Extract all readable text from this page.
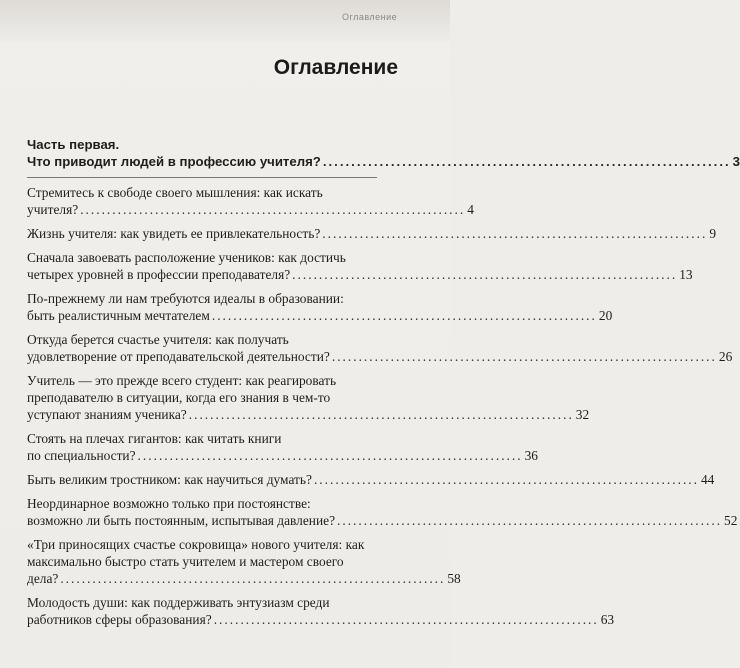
Оглавление
Оглавление
Часть первая.
Что приводит людей в профессию учителя? ........................................................................ 3
Стремитесь к свободе своего мышления: как искать
учителя? ........................................................................ 4
Жизнь учителя: как увидеть ее привлекательность? ........................................................................ 9
Сначала завоевать расположение учеников: как достичь
четырех уровней в профессии преподавателя? ........................................................................ 13
По-прежнему ли нам требуются идеалы в образовании:
быть реалистичным мечтателем ........................................................................ 20
Откуда берется счастье учителя: как получать
удовлетворение от преподавательской деятельности? ........................................................................ 26
Учитель — это прежде всего студент: как реагировать
преподавателю в ситуации, когда его знания в чем-то
уступают знаниям ученика? ........................................................................ 32
Стоять на плечах гигантов: как читать книги
по специальности? ........................................................................ 36
Быть великим тростником: как научиться думать? ........................................................................ 44
Неординарное возможно только при постоянстве:
возможно ли быть постоянным, испытывая давление? ........................................................................ 52
«Три приносящих счастье сокровища» нового учителя: как
максимально быстро стать учителем и мастером своего
дела? ........................................................................ 58
Молодость души: как поддерживать энтузиазм среди
работников сферы образования? ........................................................................ 63
